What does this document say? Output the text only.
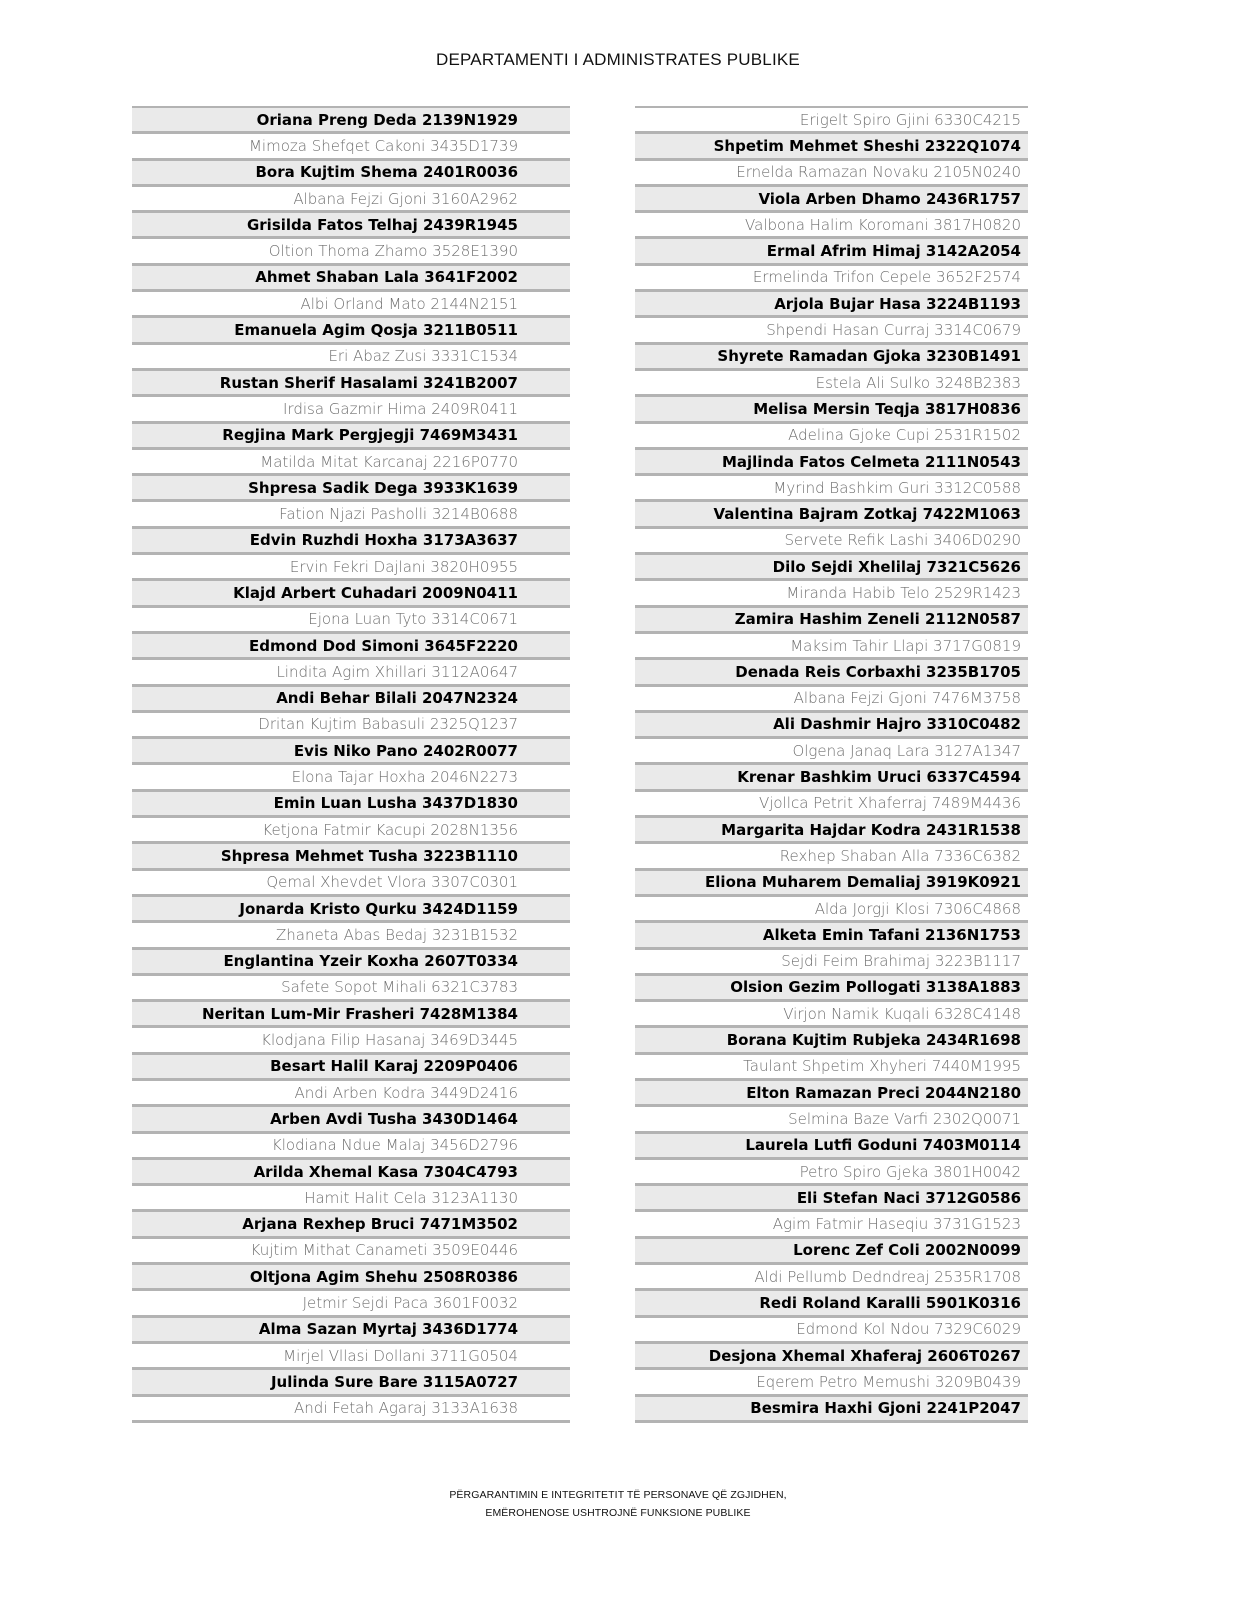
DEPARTAMENTI I ADMINISTRATES PUBLIKE
Oriana Preng Deda 2139N1929
Mimoza Shefqet Cakoni 3435D1739
Bora Kujtim Shema 2401R0036
Albana Fejzi Gjoni 3160A2962
Grisilda Fatos Telhaj 2439R1945
Oltion Thoma Zhamo 3528E1390
Ahmet Shaban Lala 3641F2002
Albi Orland Mato 2144N2151
Emanuela Agim Qosja 3211B0511
Eri Abaz Zusi 3331C1534
Rustan Sherif Hasalami 3241B2007
Irdisa Gazmir Hima 2409R0411
Regjina Mark Pergjegji 7469M3431
Matilda Mitat Karcanaj 2216P0770
Shpresa Sadik Dega 3933K1639
Fation Njazi Pasholli 3214B0688
Edvin Ruzhdi Hoxha 3173A3637
Ervin Fekri Dajlani 3820H0955
Klajd Arbert Cuhadari 2009N0411
Ejona Luan Tyto 3314C0671
Edmond Dod Simoni 3645F2220
Lindita Agim Xhillari 3112A0647
Andi Behar Bilali 2047N2324
Dritan Kujtim Babasuli 2325Q1237
Evis Niko Pano 2402R0077
Elona Tajar Hoxha 2046N2273
Emin Luan Lusha 3437D1830
Ketjona Fatmir Kacupi 2028N1356
Shpresa Mehmet Tusha 3223B1110
Qemal Xhevdet Vlora 3307C0301
Jonarda Kristo Qurku 3424D1159
Zhaneta Abas Bedaj 3231B1532
Englantina Yzeir Koxha 2607T0334
Safete Sopot Mihali 6321C3783
Neritan Lum-Mir Frasheri 7428M1384
Klodjana Filip Hasanaj 3469D3445
Besart Halil Karaj 2209P0406
Andi Arben Kodra 3449D2416
Arben Avdi Tusha 3430D1464
Klodiana Ndue Malaj 3456D2796
Arilda Xhemal Kasa 7304C4793
Hamit Halit Cela 3123A1130
Arjana Rexhep Bruci 7471M3502
Kujtim Mithat Canameti 3509E0446
Oltjona Agim Shehu 2508R0386
Jetmir Sejdi Paca 3601F0032
Alma Sazan Myrtaj 3436D1774
Mirjel Vllasi Dollani 3711G0504
Julinda Sure Bare 3115A0727
Andi Fetah Agaraj 3133A1638
Erigelt Spiro Gjini 6330C4215
Shpetim Mehmet Sheshi 2322Q1074
Ernelda Ramazan Novaku 2105N0240
Viola Arben Dhamo 2436R1757
Valbona Halim Koromani 3817H0820
Ermal Afrim Himaj 3142A2054
Ermelinda Trifon Cepele 3652F2574
Arjola Bujar Hasa 3224B1193
Shpendi Hasan Curraj 3314C0679
Shyrete Ramadan Gjoka 3230B1491
Estela Ali Sulko 3248B2383
Melisa Mersin Teqja 3817H0836
Adelina Gjoke Cupi 2531R1502
Majlinda Fatos Celmeta 2111N0543
Myrind Bashkim Guri 3312C0588
Valentina Bajram Zotkaj 7422M1063
Servete Refik Lashi 3406D0290
Dilo Sejdi Xhelilaj 7321C5626
Miranda Habib Telo 2529R1423
Zamira Hashim Zeneli 2112N0587
Maksim Tahir Llapi 3717G0819
Denada Reis Corbaxhi 3235B1705
Albana Fejzi Gjoni 7476M3758
Ali Dashmir Hajro 3310C0482
Olgena Janaq Lara 3127A1347
Krenar Bashkim Uruci 6337C4594
Vjollca Petrit Xhaferraj 7489M4436
Margarita Hajdar Kodra 2431R1538
Rexhep Shaban Alla 7336C6382
Eliona Muharem Demaliaj 3919K0921
Alda Jorgji Klosi 7306C4868
Alketa Emin Tafani 2136N1753
Sejdi Feim Brahimaj 3223B1117
Olsion Gezim Pollogati 3138A1883
Virjon Namik Kuqali 6328C4148
Borana Kujtim Rubjeka 2434R1698
Taulant Shpetim Xhyheri 7440M1995
Elton Ramazan Preci 2044N2180
Selmina Baze Varfi 2302Q0071
Laurela Lutfi Goduni 7403M0114
Petro Spiro Gjeka 3801H0042
Eli Stefan Naci 3712G0586
Agim Fatmir Haseqiu 3731G1523
Lorenc Zef Coli 2002N0099
Aldi Pellumb Dedndreaj 2535R1708
Redi Roland Karalli 5901K0316
Edmond Kol Ndou 7329C6029
Desjona Xhemal Xhaferaj 2606T0267
Eqerem Petro Memushi 3209B0439
Besmira Haxhi Gjoni 2241P2047
PËRGARANTIMIN E INTEGRITETIT TË PERSONAVE QË ZGJIDHEN,
EMËROHENOSE USHTROJNË FUNKSIONE PUBLIKE
